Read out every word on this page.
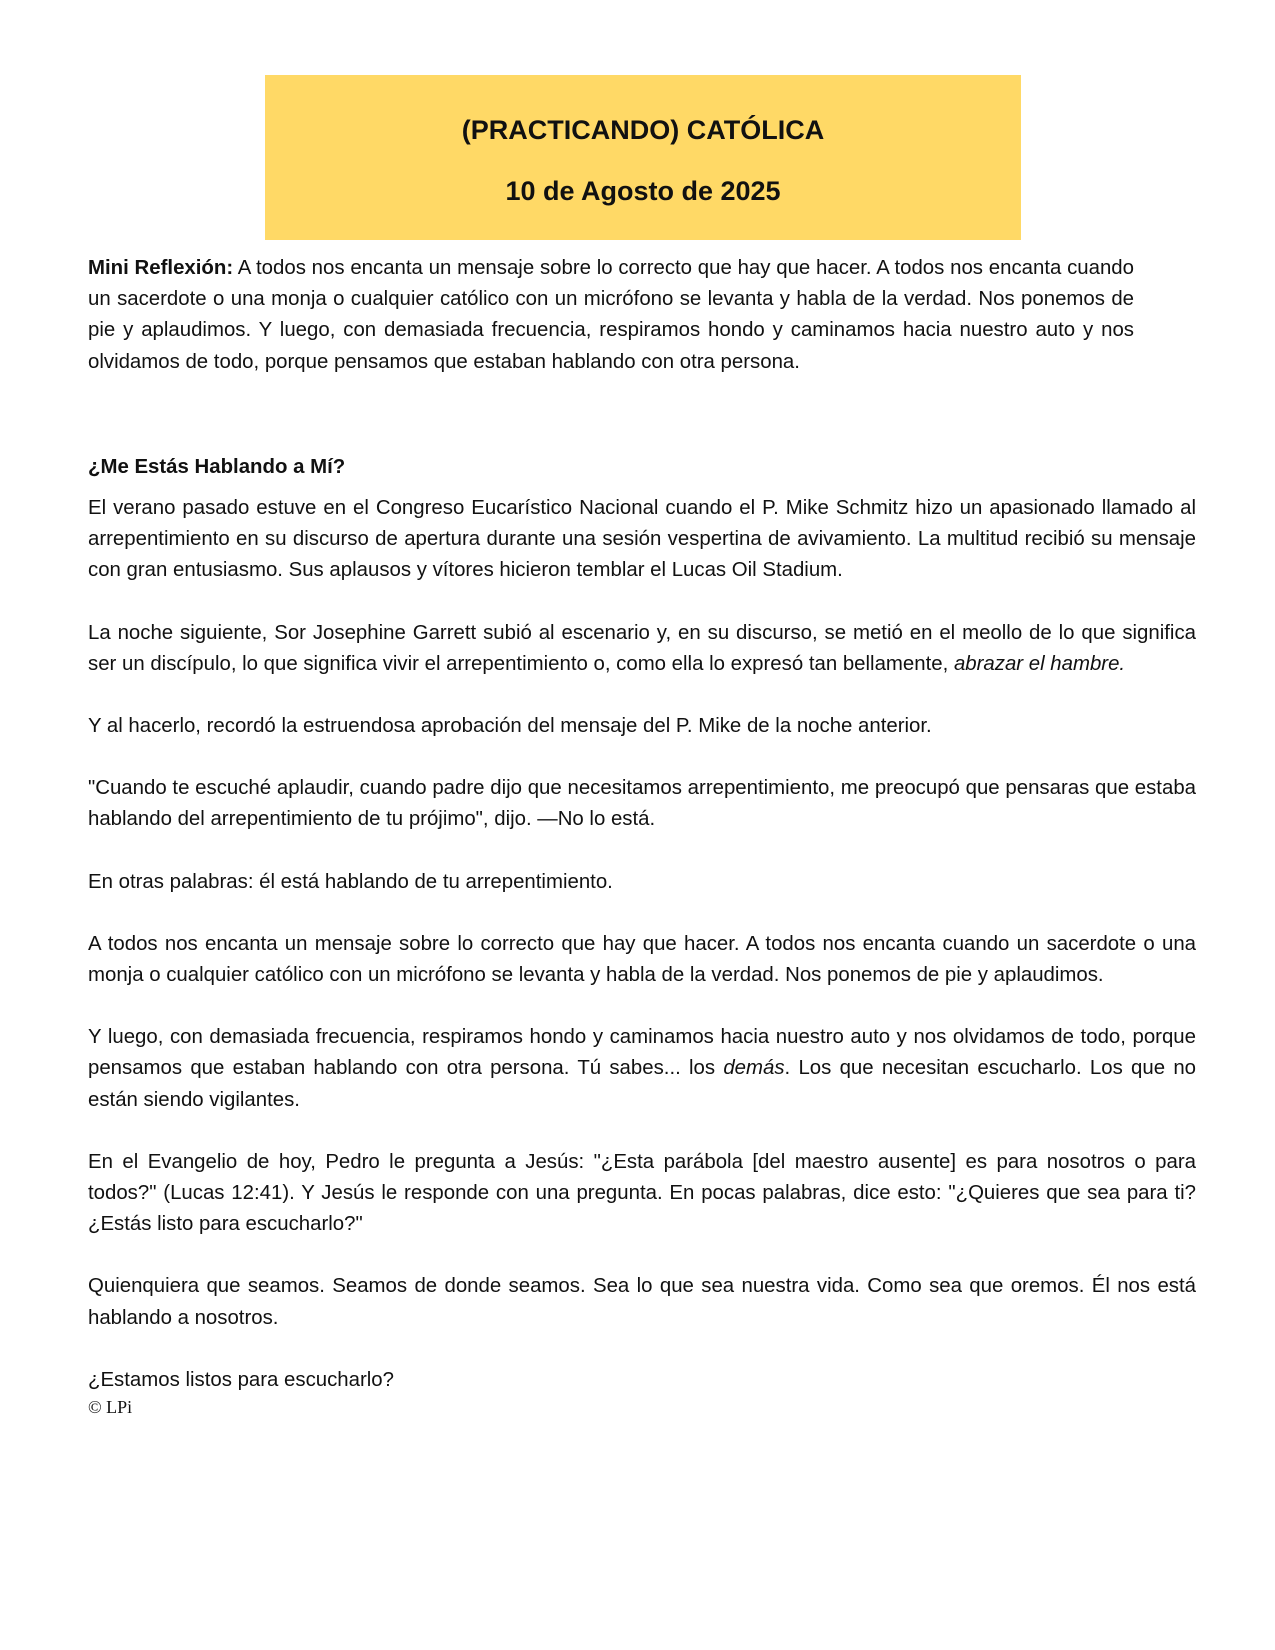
(PRACTICANDO) CATÓLICA
10 de Agosto de 2025

Mini Reflexión: A todos nos encanta un mensaje sobre lo correcto que hay que hacer. A todos nos encanta cuando un sacerdote o una monja o cualquier católico con un micrófono se levanta y habla de la verdad. Nos ponemos de pie y aplaudimos. Y luego, con demasiada frecuencia, respiramos hondo y caminamos hacia nuestro auto y nos olvidamos de todo, porque pensamos que estaban hablando con otra persona.

¿Me Estás Hablando a Mí?

El verano pasado estuve en el Congreso Eucarístico Nacional cuando el P. Mike Schmitz hizo un apasionado llamado al arrepentimiento en su discurso de apertura durante una sesión vespertina de avivamiento. La multitud recibió su mensaje con gran entusiasmo. Sus aplausos y vítores hicieron temblar el Lucas Oil Stadium.

La noche siguiente, Sor Josephine Garrett subió al escenario y, en su discurso, se metió en el meollo de lo que significa ser un discípulo, lo que significa vivir el arrepentimiento o, como ella lo expresó tan bellamente, abrazar el hambre.

Y al hacerlo, recordó la estruendosa aprobación del mensaje del P. Mike de la noche anterior.

"Cuando te escuché aplaudir, cuando padre dijo que necesitamos arrepentimiento, me preocupó que pensaras que estaba hablando del arrepentimiento de tu prójimo", dijo. —No lo está.

En otras palabras: él está hablando de tu arrepentimiento.

A todos nos encanta un mensaje sobre lo correcto que hay que hacer. A todos nos encanta cuando un sacerdote o una monja o cualquier católico con un micrófono se levanta y habla de la verdad. Nos ponemos de pie y aplaudimos.

Y luego, con demasiada frecuencia, respiramos hondo y caminamos hacia nuestro auto y nos olvidamos de todo, porque pensamos que estaban hablando con otra persona. Tú sabes... los demás. Los que necesitan escucharlo. Los que no están siendo vigilantes.

En el Evangelio de hoy, Pedro le pregunta a Jesús: "¿Esta parábola [del maestro ausente] es para nosotros o para todos?" (Lucas 12:41). Y Jesús le responde con una pregunta. En pocas palabras, dice esto: "¿Quieres que sea para ti? ¿Estás listo para escucharlo?"

Quienquiera que seamos. Seamos de donde seamos. Sea lo que sea nuestra vida. Como sea que oremos. Él nos está hablando a nosotros.

¿Estamos listos para escucharlo?

© LPi
